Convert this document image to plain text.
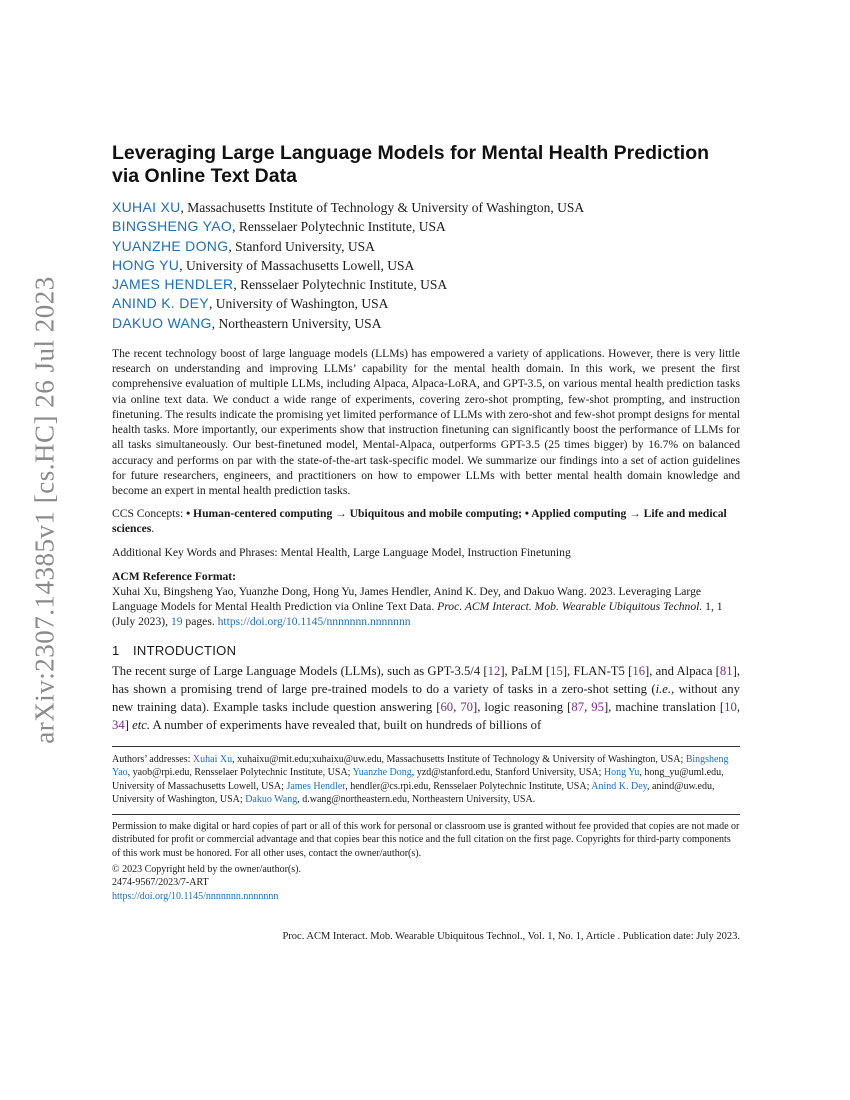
arXiv:2307.14385v1 [cs.HC] 26 Jul 2023
Leveraging Large Language Models for Mental Health Prediction via Online Text Data
XUHAI XU, Massachusetts Institute of Technology & University of Washington, USA
BINGSHENG YAO, Rensselaer Polytechnic Institute, USA
YUANZHE DONG, Stanford University, USA
HONG YU, University of Massachusetts Lowell, USA
JAMES HENDLER, Rensselaer Polytechnic Institute, USA
ANIND K. DEY, University of Washington, USA
DAKUO WANG, Northeastern University, USA

The recent technology boost of large language models (LLMs) has empowered a variety of applications. However, there is very little research on understanding and improving LLMs’ capability for the mental health domain. In this work, we present the first comprehensive evaluation of multiple LLMs, including Alpaca, Alpaca-LoRA, and GPT-3.5, on various mental health prediction tasks via online text data. We conduct a wide range of experiments, covering zero-shot prompting, few-shot prompting, and instruction finetuning. The results indicate the promising yet limited performance of LLMs with zero-shot and few-shot prompt designs for mental health tasks. More importantly, our experiments show that instruction finetuning can significantly boost the performance of LLMs for all tasks simultaneously. Our best-finetuned model, Mental-Alpaca, outperforms GPT-3.5 (25 times bigger) by 16.7% on balanced accuracy and performs on par with the state-of-the-art task-specific model. We summarize our findings into a set of action guidelines for future researchers, engineers, and practitioners on how to empower LLMs with better mental health domain knowledge and become an expert in mental health prediction tasks.

CCS Concepts: • Human-centered computing → Ubiquitous and mobile computing; • Applied computing → Life and medical sciences.

Additional Key Words and Phrases: Mental Health, Large Language Model, Instruction Finetuning

ACM Reference Format:

Xuhai Xu, Bingsheng Yao, Yuanzhe Dong, Hong Yu, James Hendler, Anind K. Dey, and Dakuo Wang. 2023. Leveraging Large Language Models for Mental Health Prediction via Online Text Data. Proc. ACM Interact. Mob. Wearable Ubiquitous Technol. 1, 1 (July 2023), 19 pages. https://doi.org/10.1145/nnnnnnn.nnnnnnn

1 INTRODUCTION

The recent surge of Large Language Models (LLMs), such as GPT-3.5/4 [12], PaLM [15], FLAN-T5 [16], and Alpaca [81], has shown a promising trend of large pre-trained models to do a variety of tasks in a zero-shot setting (i.e., without any new training data). Example tasks include question answering [60, 70], logic reasoning [87, 95], machine translation [10, 34] etc. A number of experiments have revealed that, built on hundreds of billions of

Authors’ addresses: Xuhai Xu, xuhaixu@mit.edu;xuhaixu@uw.edu, Massachusetts Institute of Technology & University of Washington, USA; Bingsheng Yao, yaob@rpi.edu, Rensselaer Polytechnic Institute, USA; Yuanzhe Dong, yzd@stanford.edu, Stanford University, USA; Hong Yu, hong_yu@uml.edu, University of Massachusetts Lowell, USA; James Hendler, hendler@cs.rpi.edu, Rensselaer Polytechnic Institute, USA; Anind K. Dey, anind@uw.edu, University of Washington, USA; Dakuo Wang, d.wang@northeastern.edu, Northeastern University, USA.

Permission to make digital or hard copies of part or all of this work for personal or classroom use is granted without fee provided that copies are not made or distributed for profit or commercial advantage and that copies bear this notice and the full citation on the first page. Copyrights for third-party components of this work must be honored. For all other uses, contact the owner/author(s).

© 2023 Copyright held by the owner/author(s).
2474-9567/2023/7-ART
https://doi.org/10.1145/nnnnnnn.nnnnnnn
Proc. ACM Interact. Mob. Wearable Ubiquitous Technol., Vol. 1, No. 1, Article . Publication date: July 2023.
